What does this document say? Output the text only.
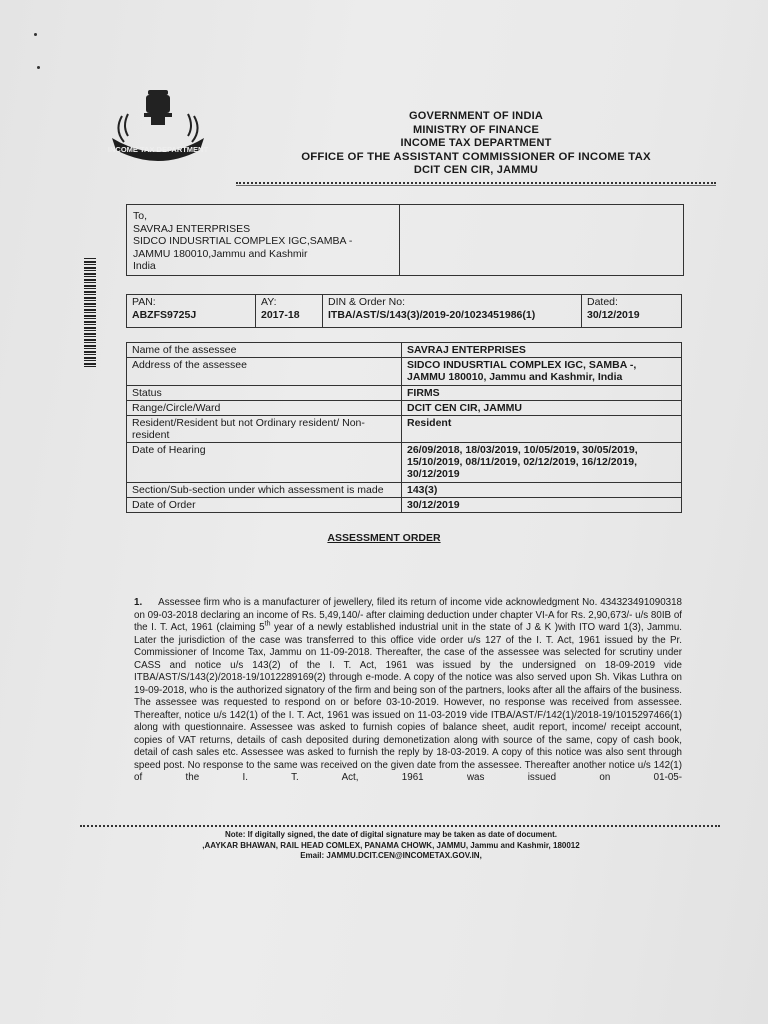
INCOME TAX DEPARTMENT
GOVERNMENT OF INDIA
MINISTRY OF FINANCE
INCOME TAX DEPARTMENT
OFFICE OF THE ASSISTANT COMMISSIONER OF INCOME TAX
DCIT CEN CIR, JAMMU
To,
SAVRAJ ENTERPRISES
SIDCO INDUSRTIAL COMPLEX IGC,SAMBA -
JAMMU 180010,Jammu and Kashmir
India
PAN:
ABZFS9725J

AY:
2017-18

DIN & Order No:
ITBA/AST/S/143(3)/2019-20/1023451986(1)

Dated:
30/12/2019
Name of the assessee	SAVRAJ ENTERPRISES
Address of the assessee	SIDCO INDUSRTIAL COMPLEX IGC, SAMBA -, JAMMU 180010, Jammu and Kashmir, India
Status	FIRMS
Range/Circle/Ward	DCIT CEN CIR, JAMMU
Resident/Resident but not Ordinary resident/ Non-resident	Resident
Date of Hearing	26/09/2018, 18/03/2019, 10/05/2019, 30/05/2019, 15/10/2019, 08/11/2019, 02/12/2019, 16/12/2019, 30/12/2019
Section/Sub-section under which assessment is made	143(3)
Date of Order	30/12/2019
ASSESSMENT ORDER
1. Assessee firm who is a manufacturer of jewellery, filed its return of income vide acknowledgment No. 434323491090318 on 09-03-2018 declaring an income of Rs. 5,49,140/- after claiming deduction under chapter VI-A for Rs. 2,90,673/- u/s 80IB of the I. T. Act, 1961 (claiming 5th year of a newly established industrial unit in the state of J & K )with ITO ward 1(3), Jammu. Later the jurisdiction of the case was transferred to this office vide order u/s 127 of the I. T. Act, 1961 issued by the Pr. Commissioner of Income Tax, Jammu on 11-09-2018. Thereafter, the case of the assessee was selected for scrutiny under CASS and notice u/s 143(2) of the I. T. Act, 1961 was issued by the undersigned on 18-09-2019 vide ITBA/AST/S/143(2)/2018-19/1012289169(2) through e-mode. A copy of the notice was also served upon Sh. Vikas Luthra on 19-09-2018, who is the authorized signatory of the firm and being son of the partners, looks after all the affairs of the business. The assessee was requested to respond on or before 03-10-2019. However, no response was received from assessee. Thereafter, notice u/s 142(1) of the I. T. Act, 1961 was issued on 11-03-2019 vide ITBA/AST/F/142(1)/2018-19/1015297466(1) along with questionnaire. Assessee was asked to furnish copies of balance sheet, audit report, income/ receipt account, copies of VAT returns, details of cash deposited during demonetization along with source of the same, copy of cash book, detail of cash sales etc. Assessee was asked to furnish the reply by 18-03-2019. A copy of this notice was also sent through speed post. No response to the same was received on the given date from the assessee. Thereafter another notice u/s 142(1) of the I. T. Act, 1961 was issued on 01-05-
Note: If digitally signed, the date of digital signature may be taken as date of document.
,AAYKAR BHAWAN, RAIL HEAD COMLEX, PANAMA CHOWK, JAMMU, Jammu and Kashmir, 180012
Email: JAMMU.DCIT.CEN@INCOMETAX.GOV.IN,
